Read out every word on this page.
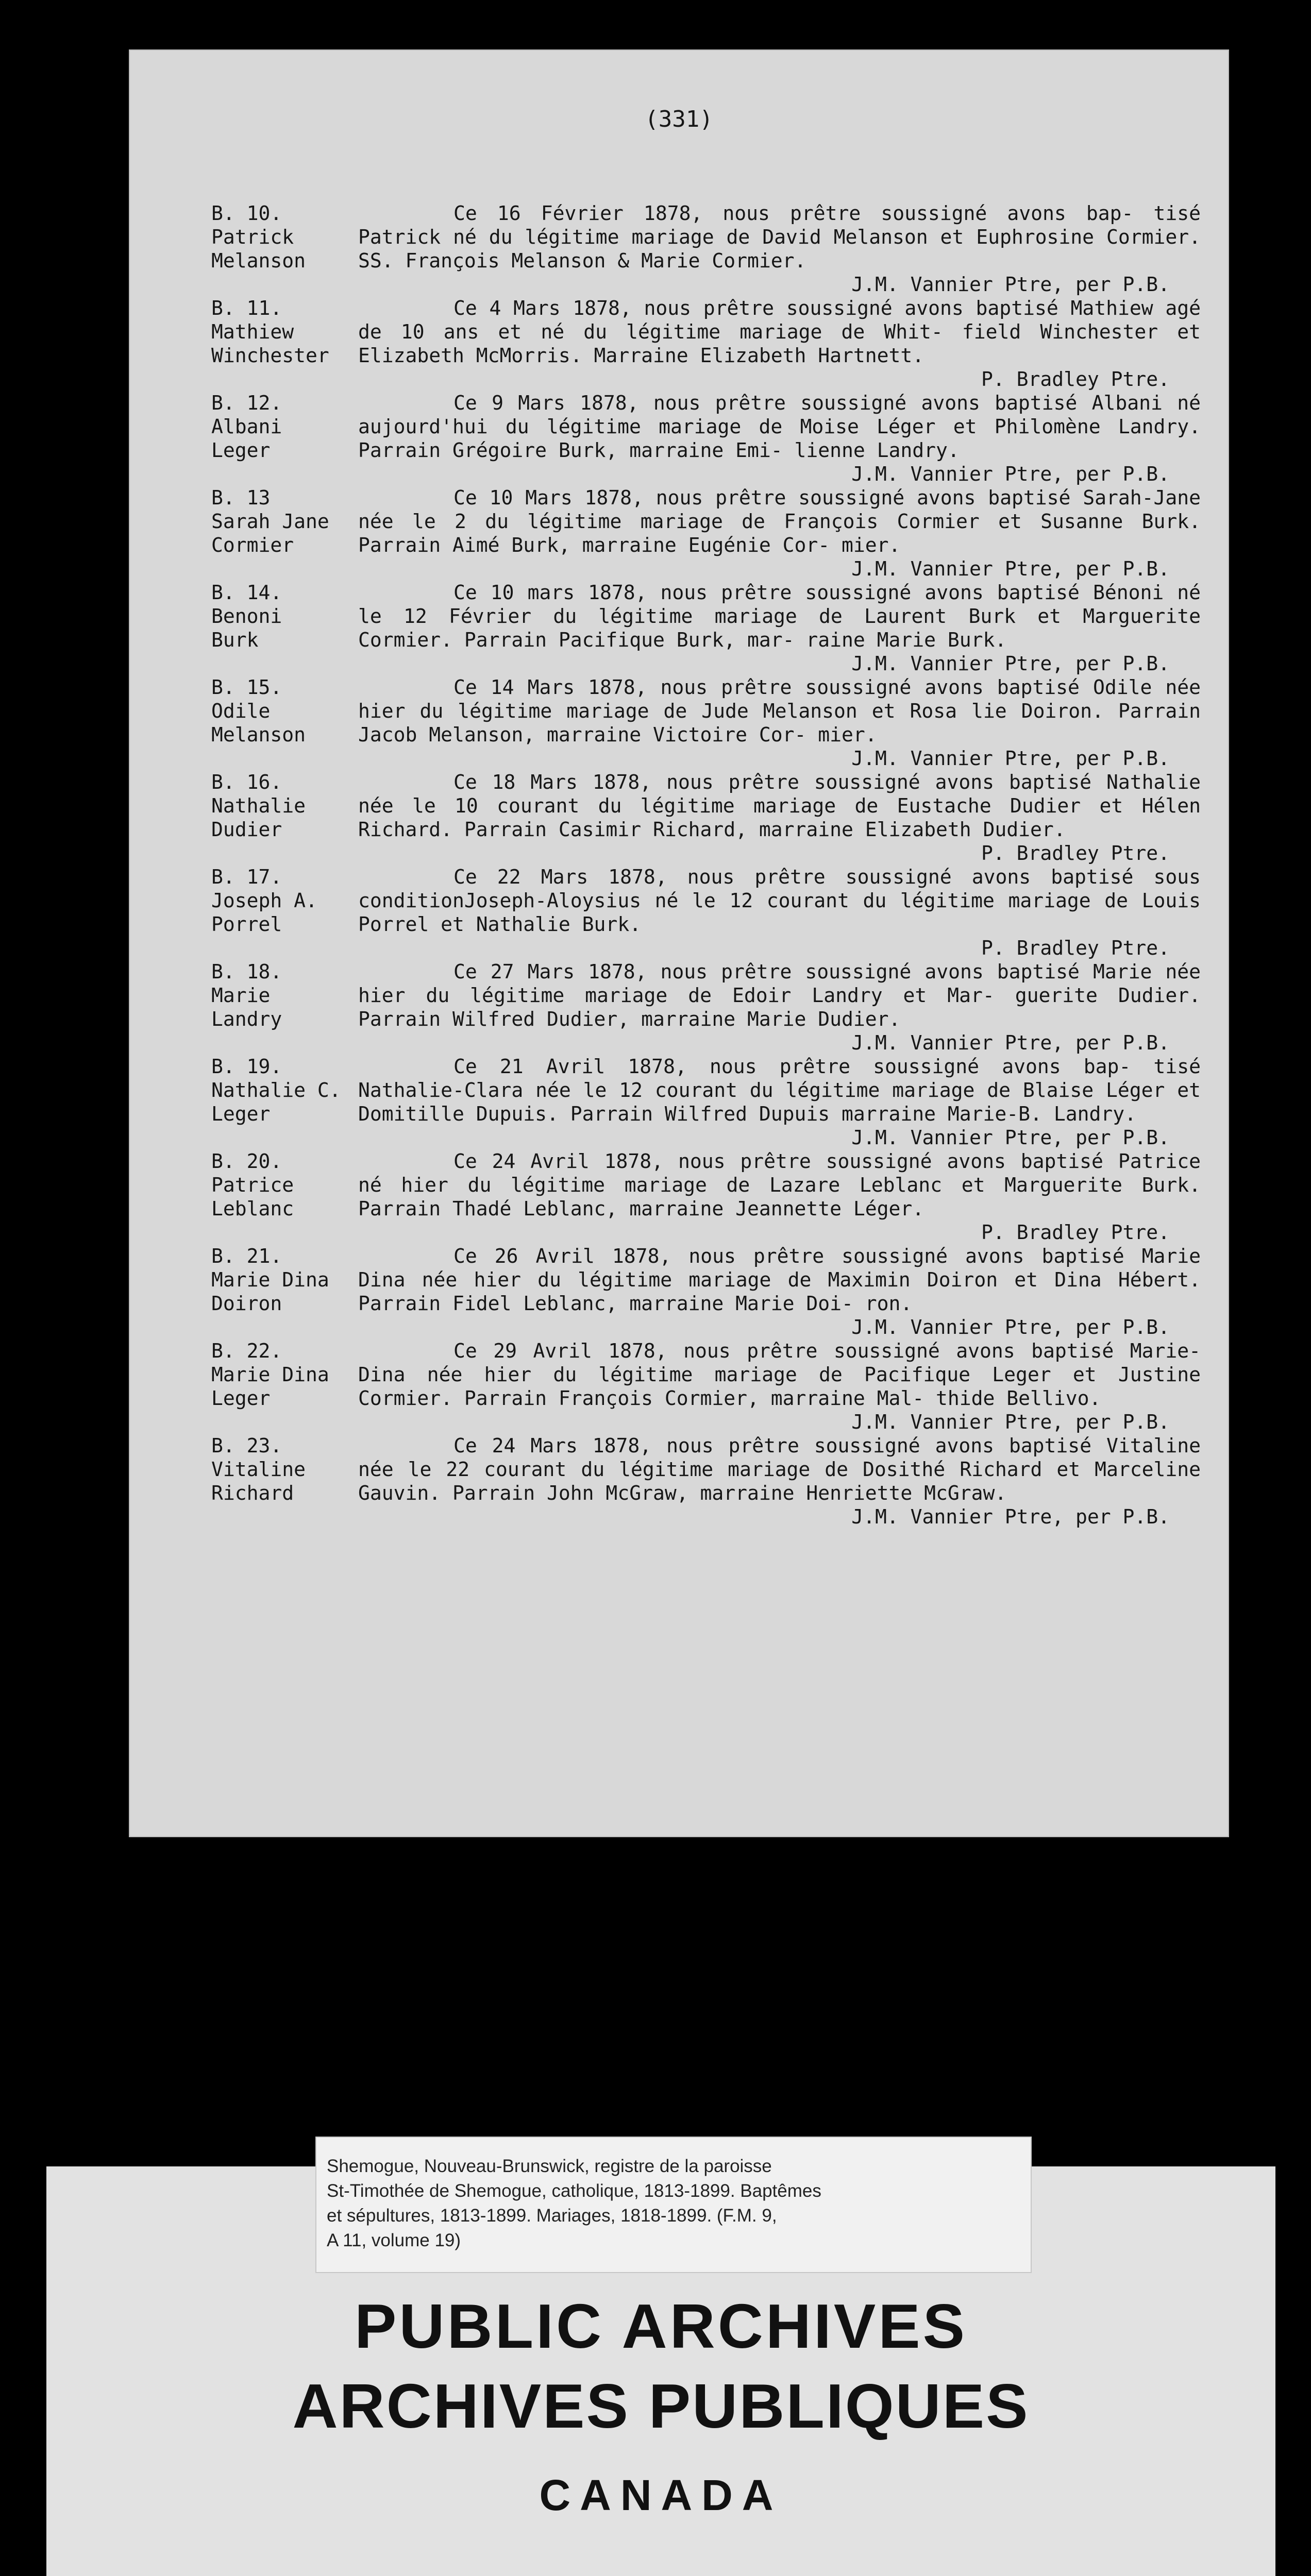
(331)
B. 10.
Patrick
Melanson

Ce 16 Février 1878, nous prêtre soussigné avons bap- tisé Patrick né du légitime mariage de David Melanson et Euphrosine Cormier. SS. François Melanson & Marie Cormier.

J.M. Vannier Ptre, per P.B.

B. 11.
Mathiew
Winchester

Ce 4 Mars 1878, nous prêtre soussigné avons baptisé Mathiew agé de 10 ans et né du légitime mariage de Whit- field Winchester et Elizabeth McMorris. Marraine Elizabeth Hartnett.

P. Bradley Ptre.

B. 12.
Albani
Leger

Ce 9 Mars 1878, nous prêtre soussigné avons baptisé Albani né aujourd'hui du légitime mariage de Moise Léger et Philomène Landry. Parrain Grégoire Burk, marraine Emi- lienne Landry.

J.M. Vannier Ptre, per P.B.

B. 13
Sarah Jane
Cormier

Ce 10 Mars 1878, nous prêtre soussigné avons baptisé Sarah-Jane née le 2 du légitime mariage de François Cormier et Susanne Burk. Parrain Aimé Burk, marraine Eugénie Cor- mier.

J.M. Vannier Ptre, per P.B.

B. 14.
Benoni
Burk

Ce 10 mars 1878, nous prêtre soussigné avons baptisé Bénoni né le 12 Février du légitime mariage de Laurent Burk et Marguerite Cormier. Parrain Pacifique Burk, mar- raine Marie Burk.

J.M. Vannier Ptre, per P.B.

B. 15.
Odile
Melanson

Ce 14 Mars 1878, nous prêtre soussigné avons baptisé Odile née hier du légitime mariage de Jude Melanson et Rosa lie Doiron. Parrain Jacob Melanson, marraine Victoire Cor- mier.

J.M. Vannier Ptre, per P.B.

B. 16.
Nathalie
Dudier

Ce 18 Mars 1878, nous prêtre soussigné avons baptisé Nathalie née le 10 courant du légitime mariage de Eustache Dudier et Hélen Richard. Parrain Casimir Richard, marraine Elizabeth Dudier.

P. Bradley Ptre.

B. 17.
Joseph A.
Porrel

Ce 22 Mars 1878, nous prêtre soussigné avons baptisé sous conditionJoseph-Aloysius né le 12 courant du légitime mariage de Louis Porrel et Nathalie Burk.

P. Bradley Ptre.

B. 18.
Marie
Landry

Ce 27 Mars 1878, nous prêtre soussigné avons baptisé Marie née hier du légitime mariage de Edoir Landry et Mar- guerite Dudier. Parrain Wilfred Dudier, marraine Marie Dudier.

J.M. Vannier Ptre, per P.B.

B. 19.
Nathalie C.
Leger

Ce 21 Avril 1878, nous prêtre soussigné avons bap- tisé Nathalie-Clara née le 12 courant du légitime mariage de Blaise Léger et Domitille Dupuis. Parrain Wilfred Dupuis marraine Marie-B. Landry.

J.M. Vannier Ptre, per P.B.

B. 20.
Patrice
Leblanc

Ce 24 Avril 1878, nous prêtre soussigné avons baptisé Patrice né hier du légitime mariage de Lazare Leblanc et Marguerite Burk. Parrain Thadé Leblanc, marraine Jeannette Léger.

P. Bradley Ptre.

B. 21.
Marie Dina
Doiron

Ce 26 Avril 1878, nous prêtre soussigné avons baptisé Marie Dina née hier du légitime mariage de Maximin Doiron et Dina Hébert. Parrain Fidel Leblanc, marraine Marie Doi- ron.

J.M. Vannier Ptre, per P.B.

B. 22.
Marie Dina
Leger

Ce 29 Avril 1878, nous prêtre soussigné avons baptisé Marie-Dina née hier du légitime mariage de Pacifique Leger et Justine Cormier. Parrain François Cormier, marraine Mal- thide Bellivo.

J.M. Vannier Ptre, per P.B.

B. 23.
Vitaline
Richard

Ce 24 Mars 1878, nous prêtre soussigné avons baptisé Vitaline née le 22 courant du légitime mariage de Dosithé Richard et Marceline Gauvin. Parrain John McGraw, marraine Henriette McGraw.

J.M. Vannier Ptre, per P.B.

Shemogue, Nouveau-Brunswick, registre de la paroisse
St-Timothée de Shemogue, catholique, 1813-1899. Baptêmes
et sépultures, 1813-1899. Mariages, 1818-1899. (F.M. 9,
A 11, volume 19)
PUBLIC ARCHIVES
ARCHIVES PUBLIQUES
CANADA
